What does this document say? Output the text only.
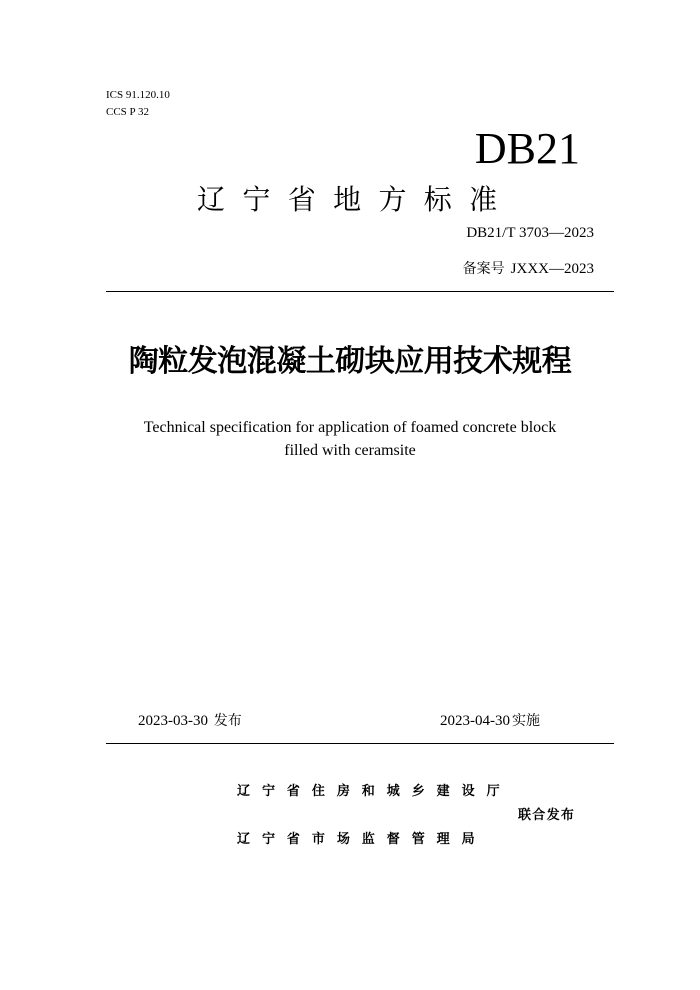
ICS 91.120.10
CCS P 32
DB21
辽宁省地方标准
DB21/T 3703—2023
备案号 JXXX—2023
陶粒发泡混凝土砌块应用技术规程
Technical specification for application of foamed concrete block
filled with ceramsite
2023-03-30 发布	2023-04-30 实施
辽宁省住房和城乡建设厅
联合发布
辽宁省市场监督管理局
